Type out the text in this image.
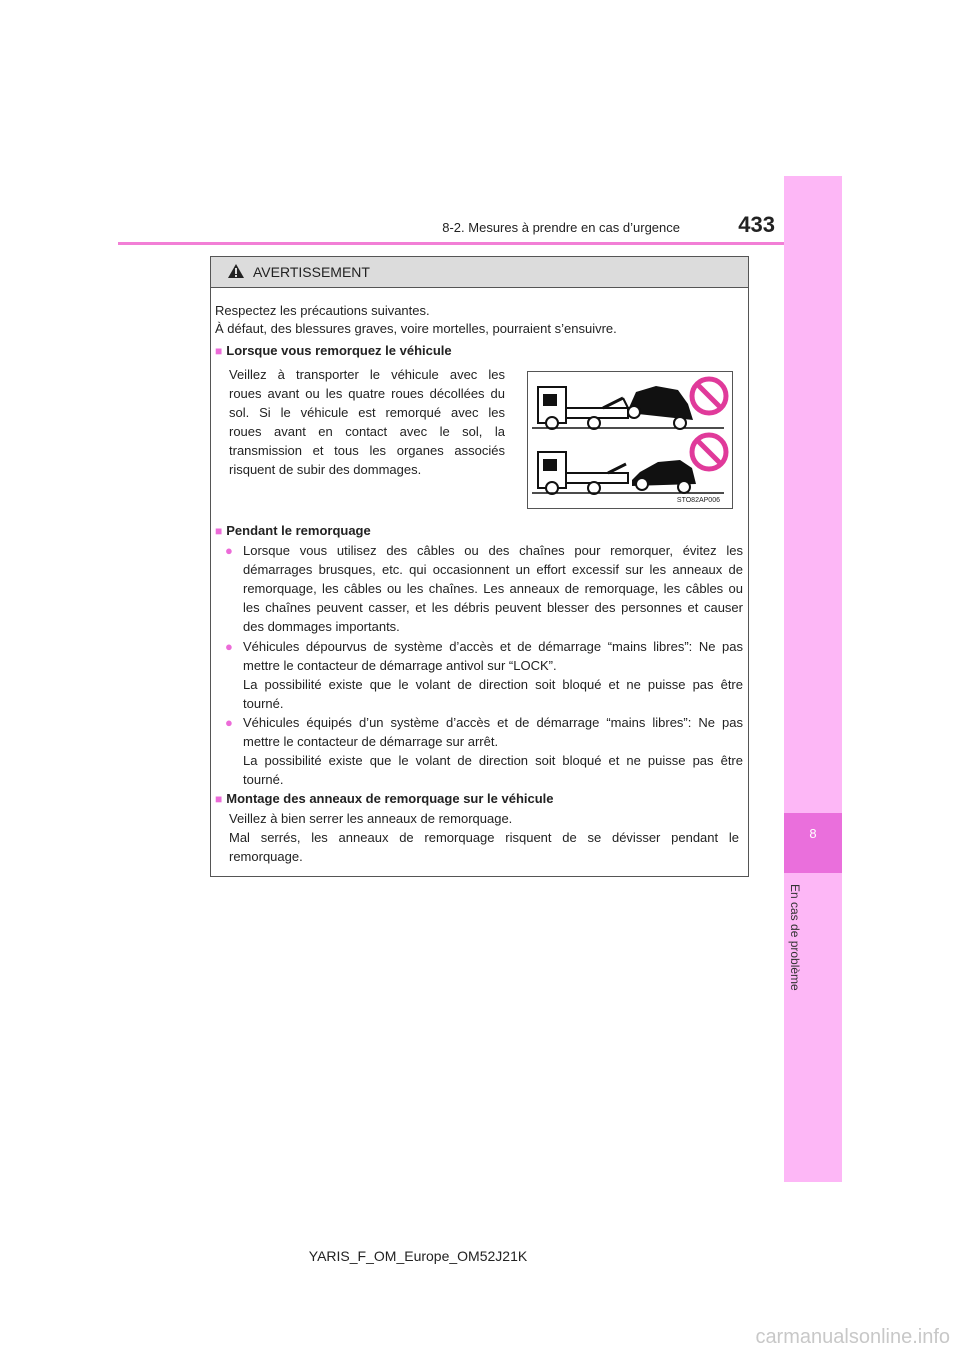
8-2. Mesures à prendre en cas d’urgence	433
8
En cas de problème
AVERTISSEMENT
Respectez les précautions suivantes.
À défaut, des blessures graves, voire mortelles, pourraient s’ensuivre.
■ Lorsque vous remorquez le véhicule
Veillez à transporter le véhicule avec les
roues avant ou les quatre roues décollées du
sol. Si le véhicule est remorqué avec les
roues avant en contact avec le sol, la
transmission et tous les organes associés
risquent de subir des dommages.
STO82AP006
■ Pendant le remorquage
● Lorsque vous utilisez des câbles ou des chaînes pour remorquer, évitez les
démarrages brusques, etc. qui occasionnent un effort excessif sur les anneaux de
remorquage, les câbles ou les chaînes. Les anneaux de remorquage, les câbles ou
les chaînes peuvent casser, et les débris peuvent blesser des personnes et causer
des dommages importants.
● Véhicules dépourvus de système d’accès et de démarrage “mains libres”: Ne pas
mettre le contacteur de démarrage antivol sur “LOCK”.
La possibilité existe que le volant de direction soit bloqué et ne puisse pas être
tourné.
● Véhicules équipés d’un système d’accès et de démarrage “mains libres”: Ne pas
mettre le contacteur de démarrage sur arrêt.
La possibilité existe que le volant de direction soit bloqué et ne puisse pas être
tourné.
■ Montage des anneaux de remorquage sur le véhicule
Veillez à bien serrer les anneaux de remorquage.
Mal serrés, les anneaux de remorquage risquent de se dévisser pendant le
remorquage.
YARIS_F_OM_Europe_OM52J21K
carmanualsonline.info
